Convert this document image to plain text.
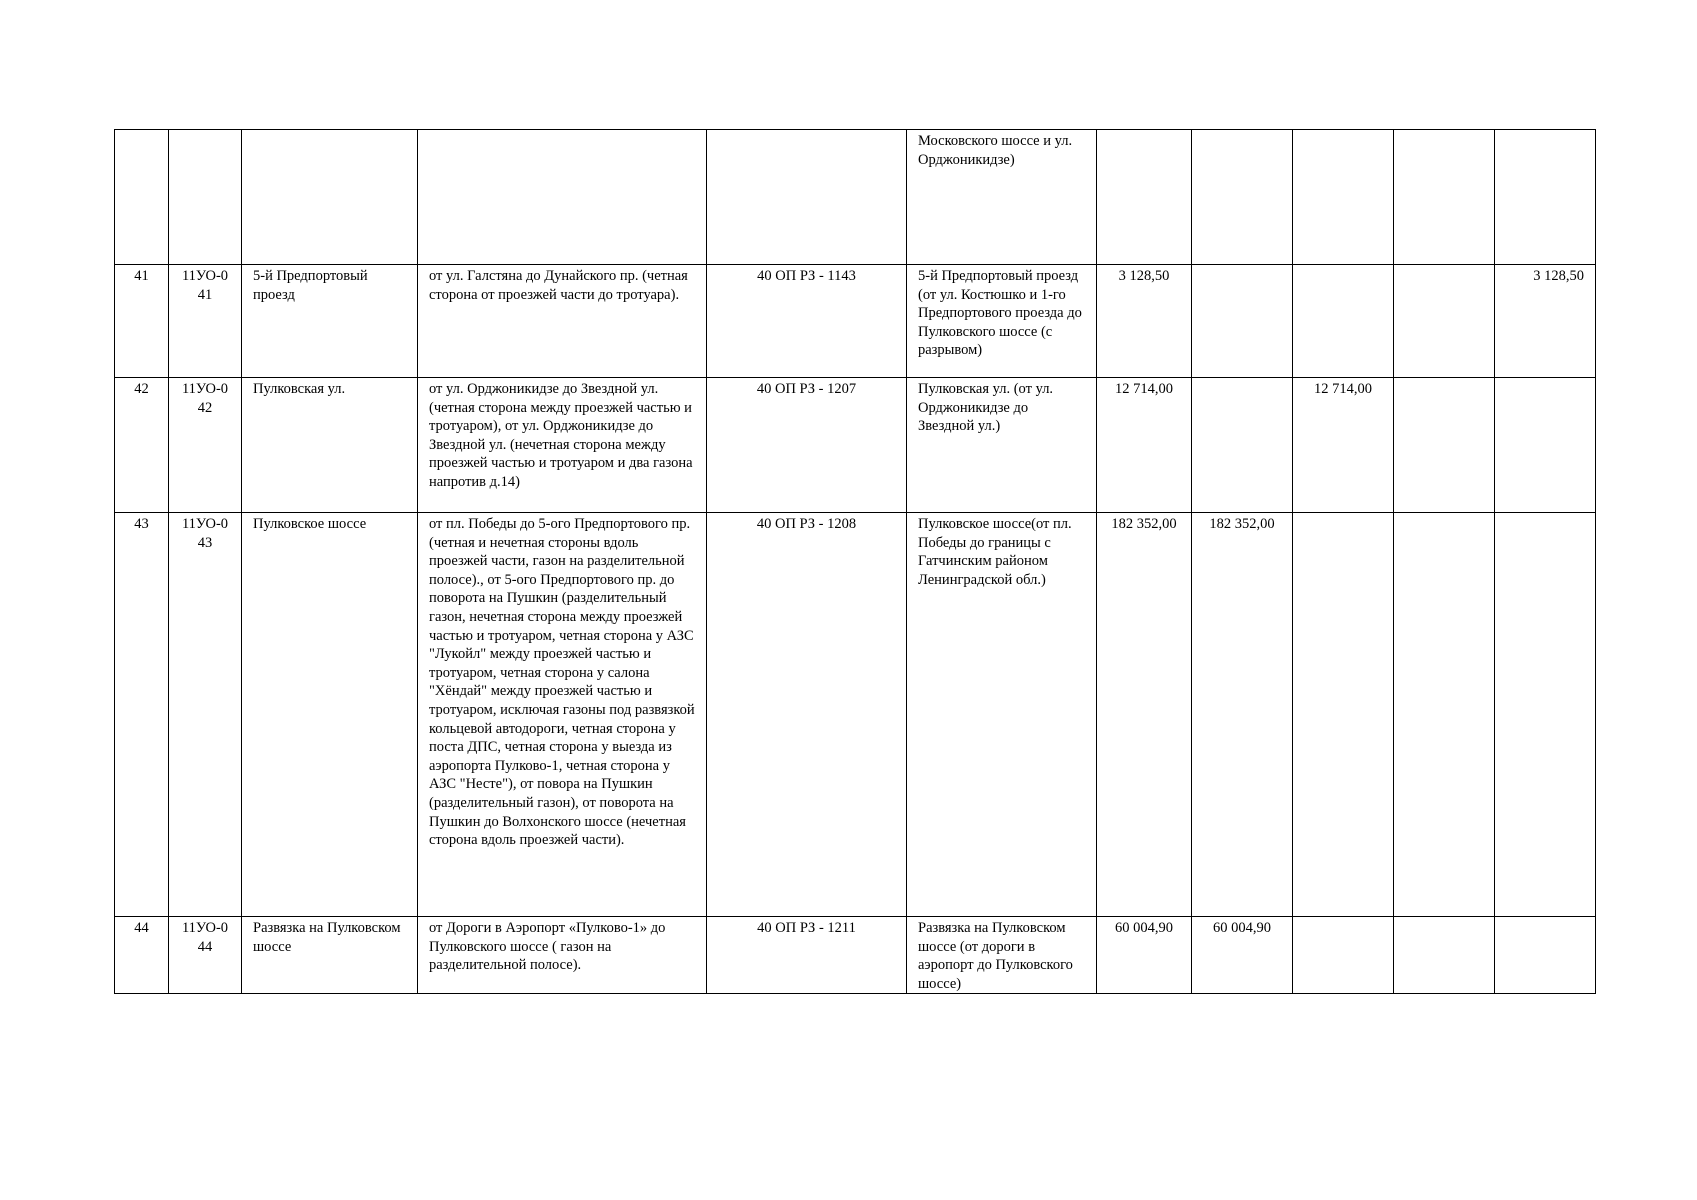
					Московского шоссе и ул. Орджоникидзе)					
41	11УО-041	5-й Предпортовый проезд	от ул. Галстяна до Дунайского пр. (четная сторона от проезжей части до тротуара).	40 ОП РЗ - 1143	5-й Предпортовый проезд (от ул. Костюшко и 1-го Предпортового проезда до Пулковского шоссе (с разрывом)	3 128,50				3 128,50
42	11УО-042	Пулковская ул.	от ул. Орджоникидзе до Звездной ул. (четная сторона между проезжей частью и тротуаром), от ул. Орджоникидзе до Звездной ул. (нечетная сторона между проезжей частью и тротуаром и два газона напротив д.14)	40 ОП РЗ - 1207	Пулковская ул. (от ул. Орджоникидзе до Звездной ул.)	12 714,00		12 714,00		
43	11УО-043	Пулковское шоссе	от пл. Победы до 5-ого Предпортового пр.(четная и нечетная стороны вдоль проезжей части, газон на разделительной полосе)., от 5-ого Предпортового пр. до поворота на Пушкин (разделительный газон, нечетная сторона между проезжей частью и тротуаром, четная сторона у АЗС "Лукойл" между проезжей частью и тротуаром, четная сторона у салона "Хёндай" между проезжей частью и тротуаром, исключая газоны под развязкой кольцевой автодороги, четная сторона у поста ДПС, четная сторона у выезда из аэропорта Пулково-1, четная сторона у АЗС "Несте"), от повора на Пушкин (разделительный газон), от поворота на Пушкин до Волхонского шоссе (нечетная сторона вдоль проезжей части).	40 ОП РЗ - 1208	Пулковское шоссе(от пл. Победы до границы с Гатчинским районом Ленинградской обл.)	182 352,00	182 352,00			
44	11УО-044	Развязка на Пулковском шоссе	от Дороги в Аэропорт «Пулково-1» до Пулковского шоссе ( газон на разделительной полосе).	40 ОП РЗ - 1211	Развязка на Пулковском шоссе (от дороги в аэропорт до Пулковского шоссе)	60 004,90	60 004,90			
